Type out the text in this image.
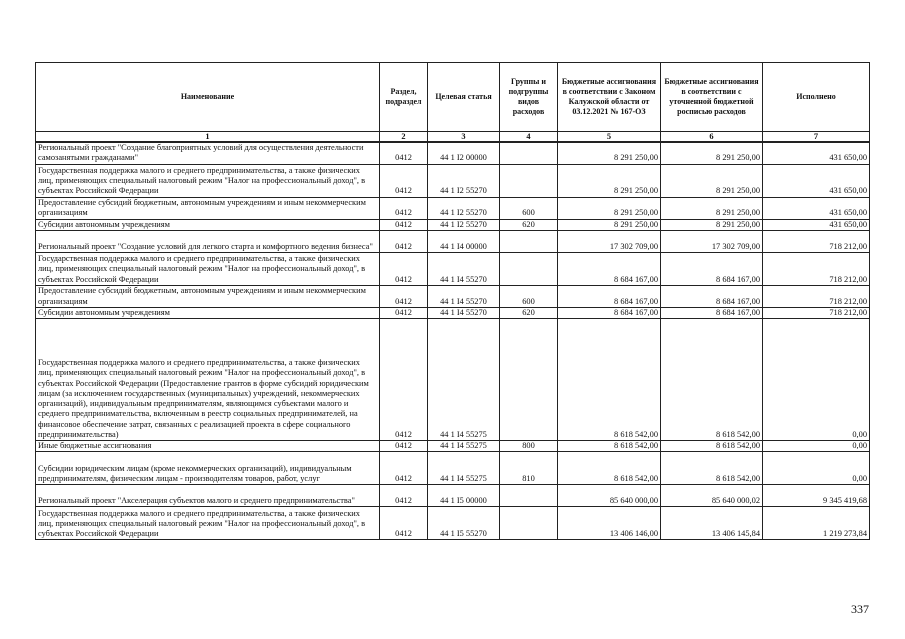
Наименование	Раздел, подраздел	Целевая статья	Группы и подгруппы видов расходов	Бюджетные ассигнования в соответствии с Законом Калужской области от 03.12.2021 № 167-ОЗ	Бюджетные ассигнования в соответствии с уточненной бюджетной росписью расходов	Исполнено
1	2	3	4	5	6	7
Региональный проект "Создание благоприятных условий для осуществления деятельности самозанятыми гражданами"	0412	44 1 I2 00000		8 291 250,00	8 291 250,00	431 650,00
Государственная поддержка малого и среднего предпринимательства, а также физических лиц, применяющих специальный налоговый режим "Налог на профессиональный доход", в субъектах Российской Федерации	0412	44 1 I2 55270		8 291 250,00	8 291 250,00	431 650,00
Предоставление субсидий бюджетным, автономным учреждениям и иным некоммерческим организациям	0412	44 1 I2 55270	600	8 291 250,00	8 291 250,00	431 650,00
Субсидии автономным учреждениям	0412	44 1 I2 55270	620	8 291 250,00	8 291 250,00	431 650,00
Региональный проект "Создание условий для легкого старта и комфортного ведения бизнеса"	0412	44 1 I4 00000		17 302 709,00	17 302 709,00	718 212,00
Государственная поддержка малого и среднего предпринимательства, а также физических лиц, применяющих специальный налоговый режим "Налог на профессиональный доход", в субъектах Российской Федерации	0412	44 1 I4 55270		8 684 167,00	8 684 167,00	718 212,00
Предоставление субсидий бюджетным, автономным учреждениям и иным некоммерческим организациям	0412	44 1 I4 55270	600	8 684 167,00	8 684 167,00	718 212,00
Субсидии автономным учреждениям	0412	44 1 I4 55270	620	8 684 167,00	8 684 167,00	718 212,00
Государственная поддержка малого и среднего предпринимательства, а также физических лиц, применяющих специальный налоговый режим "Налог на профессиональный доход", в субъектах Российской Федерации (Предоставление грантов в форме субсидий юридическим лицам (за исключением государственных (муниципальных) учреждений, некоммерческих организаций), индивидуальным предпринимателям, являющимся субъектами малого и среднего предпринимательства, включенным в реестр социальных предпринимателей, на финансовое обеспечение затрат, связанных с реализацией проекта в сфере социального предпринимательства)	0412	44 1 I4 55275		8 618 542,00	8 618 542,00	0,00
Иные бюджетные ассигнования	0412	44 1 I4 55275	800	8 618 542,00	8 618 542,00	0,00
Субсидии юридическим лицам (кроме некоммерческих организаций), индивидуальным предпринимателям, физическим лицам - производителям товаров, работ, услуг	0412	44 1 I4 55275	810	8 618 542,00	8 618 542,00	0,00
Региональный проект "Акселерация субъектов малого и среднего предпринимательства"	0412	44 1 I5 00000		85 640 000,00	85 640 000,02	9 345 419,68
Государственная поддержка малого и среднего предпринимательства, а также физических лиц, применяющих специальный налоговый режим "Налог на профессиональный доход", в субъектах Российской Федерации	0412	44 1 I5 55270		13 406 146,00	13 406 145,84	1 219 273,84
337
